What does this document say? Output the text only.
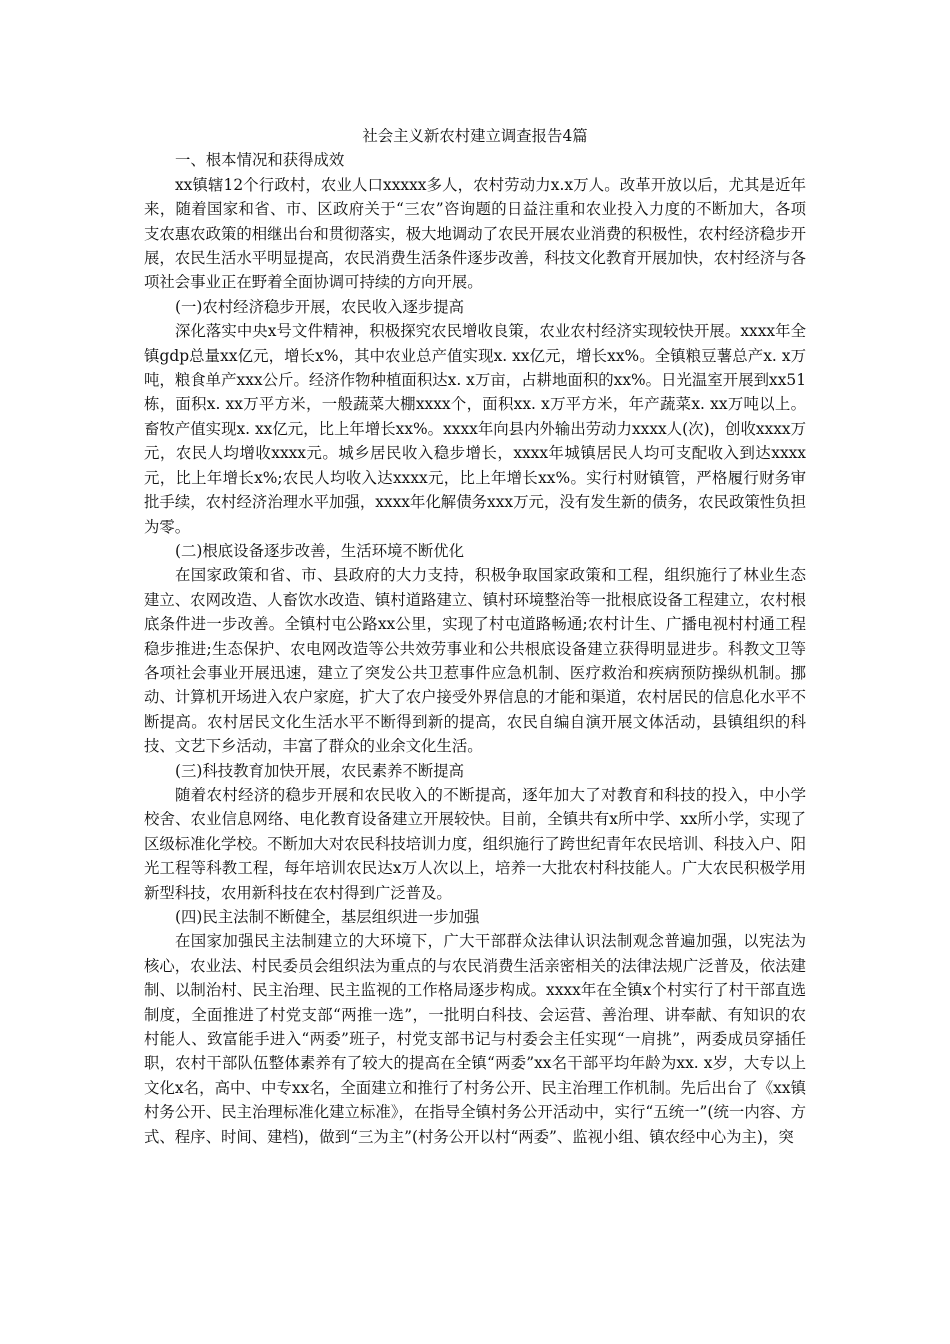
社会主义新农村建立调查报告4篇

一、根本情况和获得成效

xx镇辖12个行政村，农业人口xxxxx多人，农村劳动力x.x万人。改革开放以后，尤其是近年来，随着国家和省、市、区政府关于“三农”咨询题的日益注重和农业投入力度的不断加大，各项支农惠农政策的相继出台和贯彻落实，极大地调动了农民开展农业消费的积极性，农村经济稳步开展，农民生活水平明显提高，农民消费生活条件逐步改善，科技文化教育开展加快，农村经济与各项社会事业正在野着全面协调可持续的方向开展。

(一)农村经济稳步开展，农民收入逐步提高

深化落实中央x号文件精神，积极探究农民增收良策，农业农村经济实现较快开展。xxxx年全镇gdp总量xx亿元，增长x%，其中农业总产值实现x. xx亿元，增长xx%。全镇粮豆薯总产x. x万吨，粮食单产xxx公斤。经济作物种植面积达x. x万亩，占耕地面积的xx%。日光温室开展到xx51栋，面积x. xx万平方米，一般蔬菜大棚xxxx个，面积xx. x万平方米，年产蔬菜x. xx万吨以上。畜牧产值实现x. xx亿元，比上年增长xx%。xxxx年向县内外输出劳动力xxxx人(次)，创收xxxx万元，农民人均增收xxxx元。城乡居民收入稳步增长，xxxx年城镇居民人均可支配收入到达xxxx元，比上年增长x%;农民人均收入达xxxx元，比上年增长xx%。实行村财镇管，严格履行财务审批手续，农村经济治理水平加强，xxxx年化解债务xxx万元，没有发生新的债务，农民政策性负担为零。

(二)根底设备逐步改善，生活环境不断优化

在国家政策和省、市、县政府的大力支持，积极争取国家政策和工程，组织施行了林业生态建立、农网改造、人畜饮水改造、镇村道路建立、镇村环境整治等一批根底设备工程建立，农村根底条件进一步改善。全镇村屯公路xx公里，实现了村屯道路畅通;农村计生、广播电视村村通工程稳步推进;生态保护、农电网改造等公共效劳事业和公共根底设备建立获得明显进步。科教文卫等各项社会事业开展迅速，建立了突发公共卫惹事件应急机制、医疗救治和疾病预防操纵机制。挪动、计算机开场进入农户家庭，扩大了农户接受外界信息的才能和渠道，农村居民的信息化水平不断提高。农村居民文化生活水平不断得到新的提高，农民自编自演开展文体活动，县镇组织的科技、文艺下乡活动，丰富了群众的业余文化生活。

(三)科技教育加快开展，农民素养不断提高

随着农村经济的稳步开展和农民收入的不断提高，逐年加大了对教育和科技的投入，中小学校舍、农业信息网络、电化教育设备建立开展较快。目前，全镇共有x所中学、xx所小学，实现了区级标准化学校。不断加大对农民科技培训力度，组织施行了跨世纪青年农民培训、科技入户、阳光工程等科教工程，每年培训农民达x万人次以上，培养一大批农村科技能人。广大农民积极学用新型科技，农用新科技在农村得到广泛普及。

(四)民主法制不断健全，基层组织进一步加强

在国家加强民主法制建立的大环境下，广大干部群众法律认识法制观念普遍加强，以宪法为核心，农业法、村民委员会组织法为重点的与农民消费生活亲密相关的法律法规广泛普及，依法建制、以制治村、民主治理、民主监视的工作格局逐步构成。xxxx年在全镇x个村实行了村干部直选制度，全面推进了村党支部“两推一选”，一批明白科技、会运营、善治理、讲奉献、有知识的农村能人、致富能手进入“两委”班子，村党支部书记与村委会主任实现“一肩挑”，两委成员穿插任职，农村干部队伍整体素养有了较大的提高在全镇“两委”xx名干部平均年龄为xx. x岁，大专以上文化x名，高中、中专xx名，全面建立和推行了村务公开、民主治理工作机制。先后出台了《xx镇村务公开、民主治理标准化建立标准》，在指导全镇村务公开活动中，实行“五统一”(统一内容、方式、程序、时间、建档)，做到“三为主”(村务公开以村“两委”、监视小组、镇农经中心为主)，突
